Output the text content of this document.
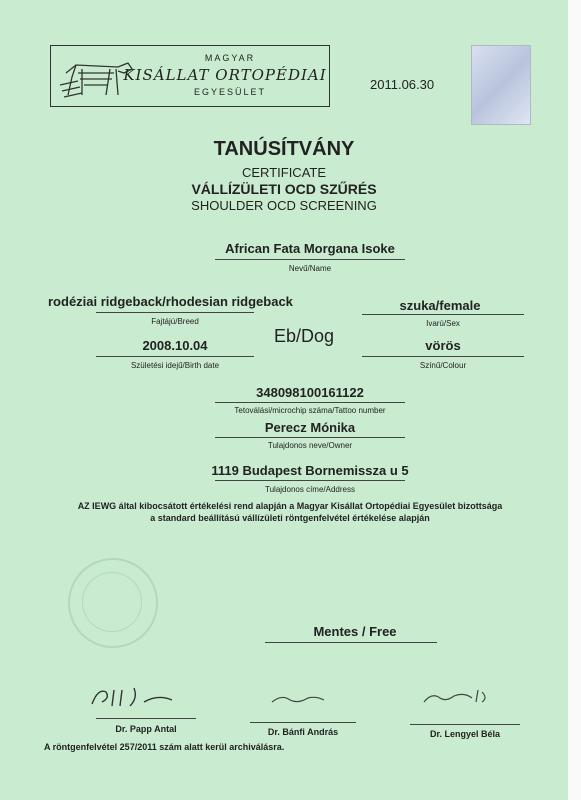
MAGYAR
KISÁLLAT ORTOPÉDIAI
EGYESÜLET	2011.06.30
TANÚSÍTVÁNY
CERTIFICATE
VÁLLÍZÜLETI OCD SZŰRÉS
SHOULDER OCD SCREENING
African Fata Morgana Isoke
Nevű/Name
rodéziai ridgeback/rhodesian ridgeback
Fajtájú/Breed
szuka/female
Ivarú/Sex
Eb/Dog
2008.10.04
Születési idejű/Birth date
vörös
Színű/Colour
348098100161122
Tetoválási/microchip száma/Tattoo number
Perecz Mónika
Tulajdonos neve/Owner
1119 Budapest Bornemissza u 5
Tulajdonos címe/Address
AZ IEWG által kibocsátott értékelési rend alapján a Magyar Kisállat Ortopédiai Egyesület bizottsága
a standard beállítású vállízületi röntgenfelvétel értékelése alapján
Mentes / Free
Dr. Papp Antal	Dr. Bánfi András	Dr. Lengyel Béla
A röntgenfelvétel 257/2011 szám alatt kerül archiválásra.
